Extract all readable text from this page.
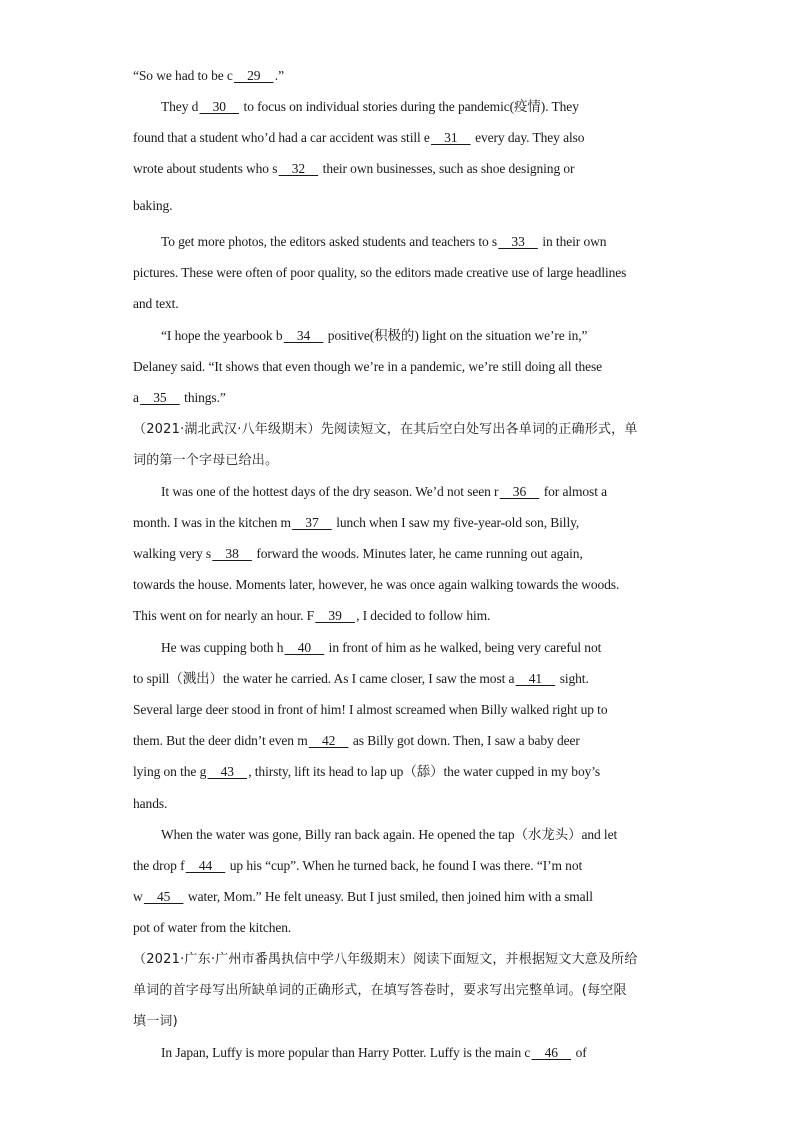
“So we had to be c    29    .”
They d    30     to focus on individual stories during the pandemic(疫情). They
found that a student who’d had a car accident was still e    31     every day. They also
wrote about students who s    32     their own businesses, such as shoe designing or
baking.
To get more photos, the editors asked students and teachers to s    33     in their own
pictures. These were often of poor quality, so the editors made creative use of large headlines
and text.
“I hope the yearbook b    34     positive(积极的) light on the situation we’re in,”
Delaney said. “It shows that even though we’re in a pandemic, we’re still doing all these
a    35     things.”
（2021·湖北武汉·八年级期末）先阅读短文，在其后空白处写出各单词的正确形式，单
词的第一个字母已给出。
It was one of the hottest days of the dry season. We’d not seen r    36     for almost a
month. I was in the kitchen m    37     lunch when I saw my five-year-old son, Billy,
walking very s    38     forward the woods. Minutes later, he came running out again,
towards the house. Moments later, however, he was once again walking towards the woods.
This went on for nearly an hour. F    39    , I decided to follow him.
He was cupping both h    40     in front of him as he walked, being very careful not
to spill（溅出）the water he carried. As I came closer, I saw the most a    41     sight.
Several large deer stood in front of him! I almost screamed when Billy walked right up to
them. But the deer didn’t even m    42     as Billy got down. Then, I saw a baby deer
lying on the g    43    , thirsty, lift its head to lap up（舔）the water cupped in my boy’s
hands.
When the water was gone, Billy ran back again. He opened the tap（水龙头）and let
the drop f    44     up his “cup”. When he turned back, he found I was there. “I’m not
w    45     water, Mom.” He felt uneasy. But I just smiled, then joined him with a small
pot of water from the kitchen.
（2021·广东·广州市番禺执信中学八年级期末）阅读下面短文，并根据短文大意及所给
单词的首字母写出所缺单词的正确形式，在填写答卷时，要求写出完整单词。(每空限
填一词)
In Japan, Luffy is more popular than Harry Potter. Luffy is the main c    46     of
